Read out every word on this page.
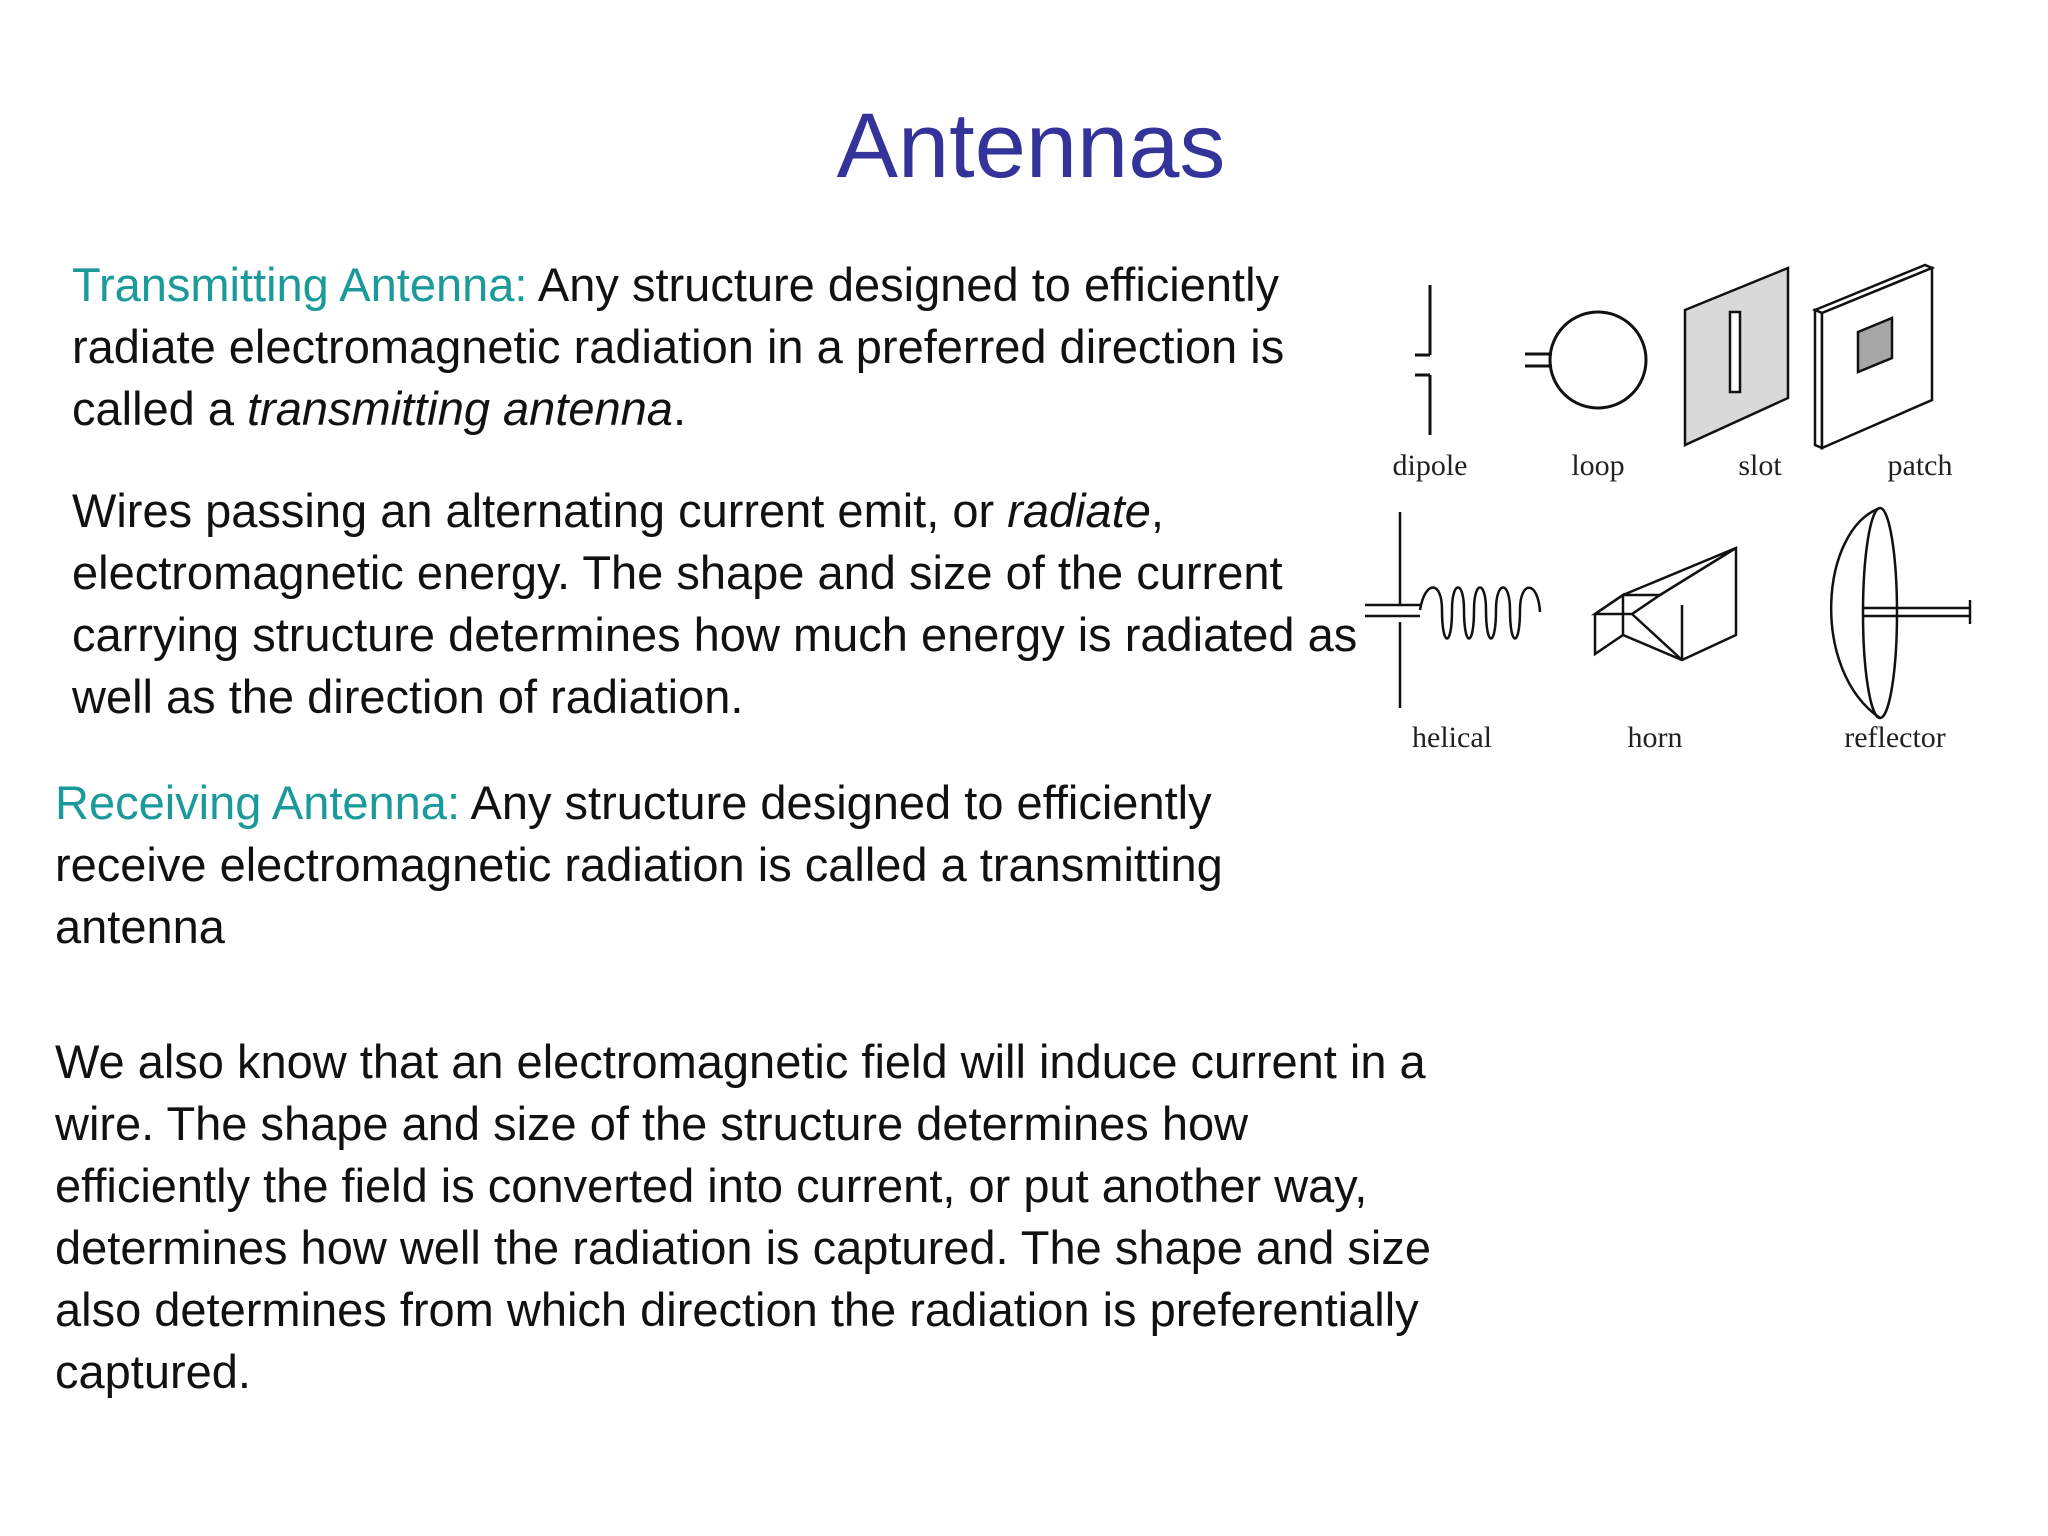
Antennas

Transmitting Antenna: Any structure designed to efficiently radiate electromagnetic radiation in a preferred direction is called a transmitting antenna.

Wires passing an alternating current emit, or radiate, electromagnetic energy. The shape and size of the current carrying structure determines how much energy is radiated as well as the direction of radiation.

Receiving Antenna: Any structure designed to efficiently receive electromagnetic radiation is called a transmitting antenna

We also know that an electromagnetic field will induce current in a wire. The shape and size of the structure determines how efficiently the field is converted into current, or put another way, determines how well the radiation is captured. The shape and size also determines from which direction the radiation is preferentially captured.

dipole	loop	slot	patch
helical	horn	reflector
